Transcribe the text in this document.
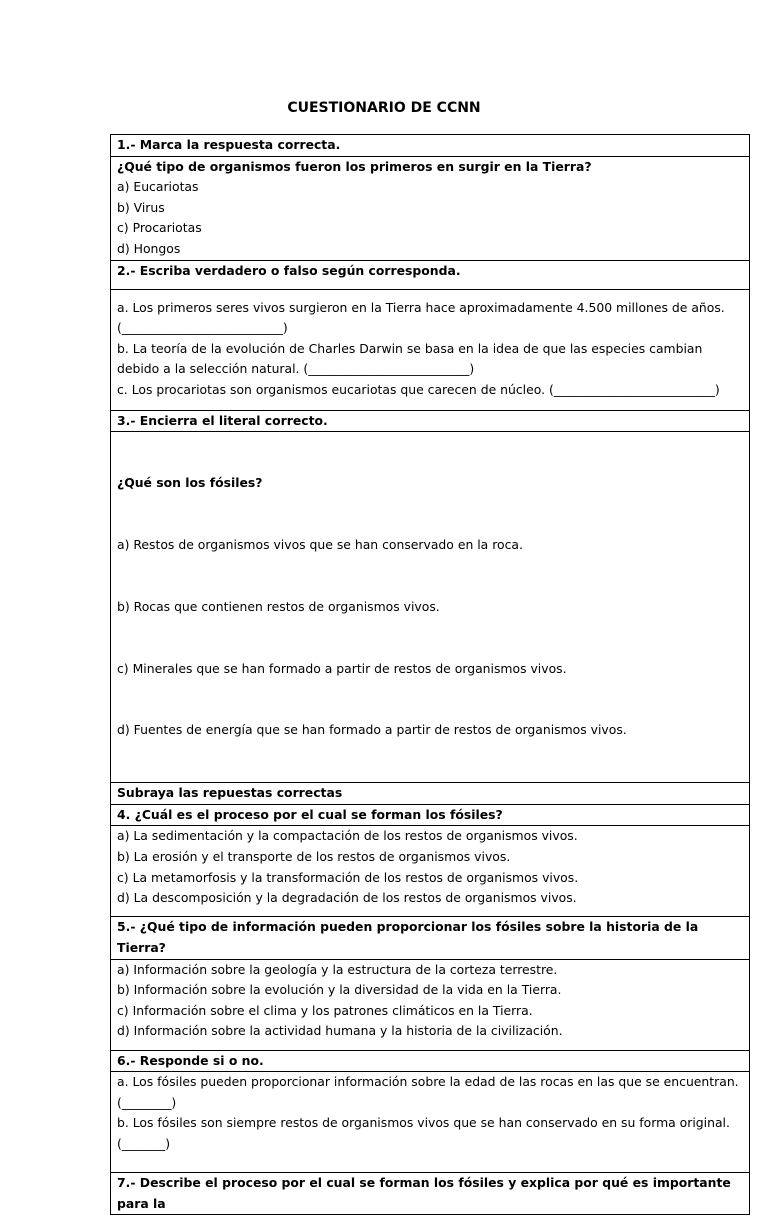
CUESTIONARIO DE CCNN
1.- Marca la respuesta correcta.

¿Qué tipo de organismos fueron los primeros en surgir en la Tierra?
a) Eucariotas
b) Virus
c) Procariotas
d) Hongos

2.- Escriba verdadero o falso según corresponda.

a. Los primeros seres vivos surgieron en la Tierra hace aproximadamente 4.500 millones de años.
(__________________________)
b. La teoría de la evolución de Charles Darwin se basa en la idea de que las especies cambian
debido a la selección natural. (__________________________)
c. Los procariotas son organismos eucariotas que carecen de núcleo. (__________________________)

3.- Encierra el literal correcto.

¿Qué son los fósiles?

a) Restos de organismos vivos que se han conservado en la roca.

b) Rocas que contienen restos de organismos vivos.

c) Minerales que se han formado a partir de restos de organismos vivos.

d) Fuentes de energía que se han formado a partir de restos de organismos vivos.

Subraya las repuestas correctas
4. ¿Cuál es el proceso por el cual se forman los fósiles?

a) La sedimentación y la compactación de los restos de organismos vivos.
b) La erosión y el transporte de los restos de organismos vivos.
c) La metamorfosis y la transformación de los restos de organismos vivos.
d) La descomposición y la degradación de los restos de organismos vivos.

5.- ¿Qué tipo de información pueden proporcionar los fósiles sobre la historia de la Tierra?

a) Información sobre la geología y la estructura de la corteza terrestre.
b) Información sobre la evolución y la diversidad de la vida en la Tierra.
c) Información sobre el clima y los patrones climáticos en la Tierra.
d) Información sobre la actividad humana y la historia de la civilización.

6.- Responde si o no.

a. Los fósiles pueden proporcionar información sobre la edad de las rocas en las que se encuentran.
(________)
b. Los fósiles son siempre restos de organismos vivos que se han conservado en su forma original.
(_______)

7.- Describe el proceso por el cual se forman los fósiles y explica por qué es importante para la
